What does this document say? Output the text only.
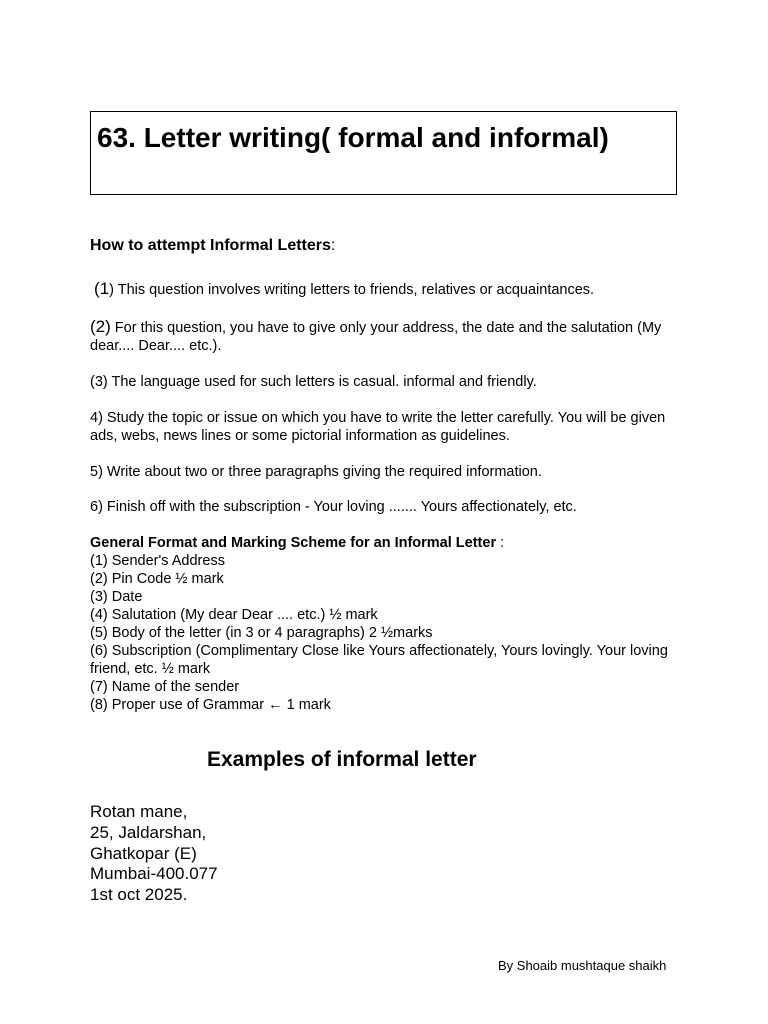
63. Letter writing( formal and informal)

How to attempt Informal Letters:

(1) This question involves writing letters to friends, relatives or acquaintances.

(2) For this question, you have to give only your address, the date and the salutation (My dear.... Dear.... etc.).

(3) The language used for such letters is casual. informal and friendly.

4) Study the topic or issue on which you have to write the letter carefully. You will be given ads, webs, news lines or some pictorial information as guidelines.

5) Write about two or three paragraphs giving the required information.

6) Finish off with the subscription - Your loving ....... Yours affectionately, etc.

General Format and Marking Scheme for an Informal Letter :
(1) Sender's Address
(2) Pin Code ½ mark
(3) Date
(4) Salutation (My dear Dear .... etc.) ½ mark
(5) Body of the letter (in 3 or 4 paragraphs) 2 ½marks
(6) Subscription (Complimentary Close like Yours affectionately, Yours lovingly. Your loving friend, etc. ½ mark
(7) Name of the sender
(8) Proper use of Grammar ← 1 mark

Examples of informal letter

Rotan mane,
25, Jaldarshan,
Ghatkopar (E)
Mumbai-400.077
1st oct 2025.
By Shoaib mushtaque shaikh
